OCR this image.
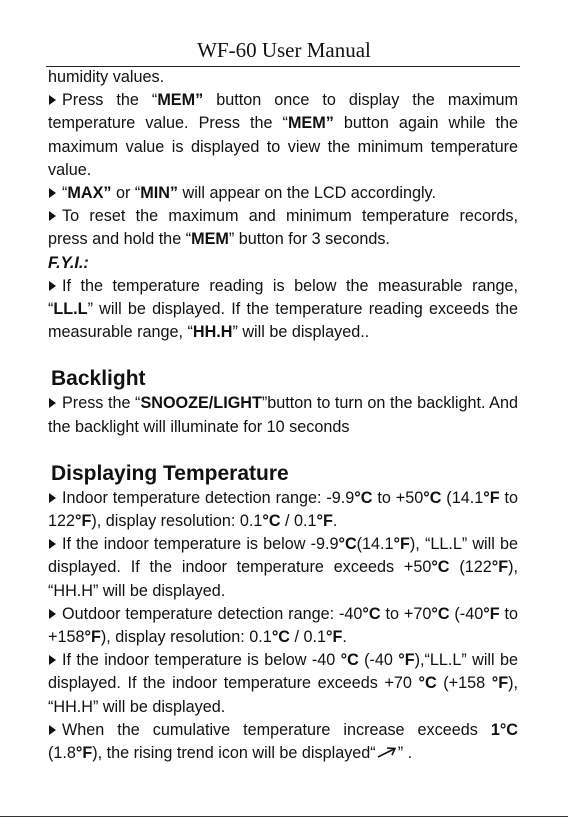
WF-60 User Manual

humidity values.

Press the “MEM” button once to display the maximum temperature value. Press the “MEM” button again while the maximum value is displayed to view the minimum temperature value.

“MAX” or “MIN” will appear on the LCD accordingly.

To reset the maximum and minimum temperature records, press and hold the “MEM” button for 3 seconds.

F.Y.I.:

If the temperature reading is below the measurable range, “LL.L” will be displayed. If the temperature reading exceeds the measurable range, “HH.H” will be displayed..

Backlight

Press the “SNOOZE/LIGHT”button to turn on the backlight. And the backlight will illuminate for 10 seconds

Displaying Temperature

Indoor temperature detection range: -9.9°C to +50°C (14.1°F to 122°F), display resolution: 0.1°C / 0.1°F.

If the indoor temperature is below -9.9°C(14.1°F), “LL.L” will be displayed. If the indoor temperature exceeds +50°C (122°F), “HH.H” will be displayed.

Outdoor temperature detection range: -40°C to +70°C (-40°F to +158°F), display resolution: 0.1°C / 0.1°F.

If the indoor temperature is below -40 °C (-40 °F),“LL.L” will be displayed. If the indoor temperature exceeds +70 °C (+158 °F), “HH.H” will be displayed.

When the cumulative temperature increase exceeds 1°C (1.8°F), the rising trend icon will be displayed“ ” .
